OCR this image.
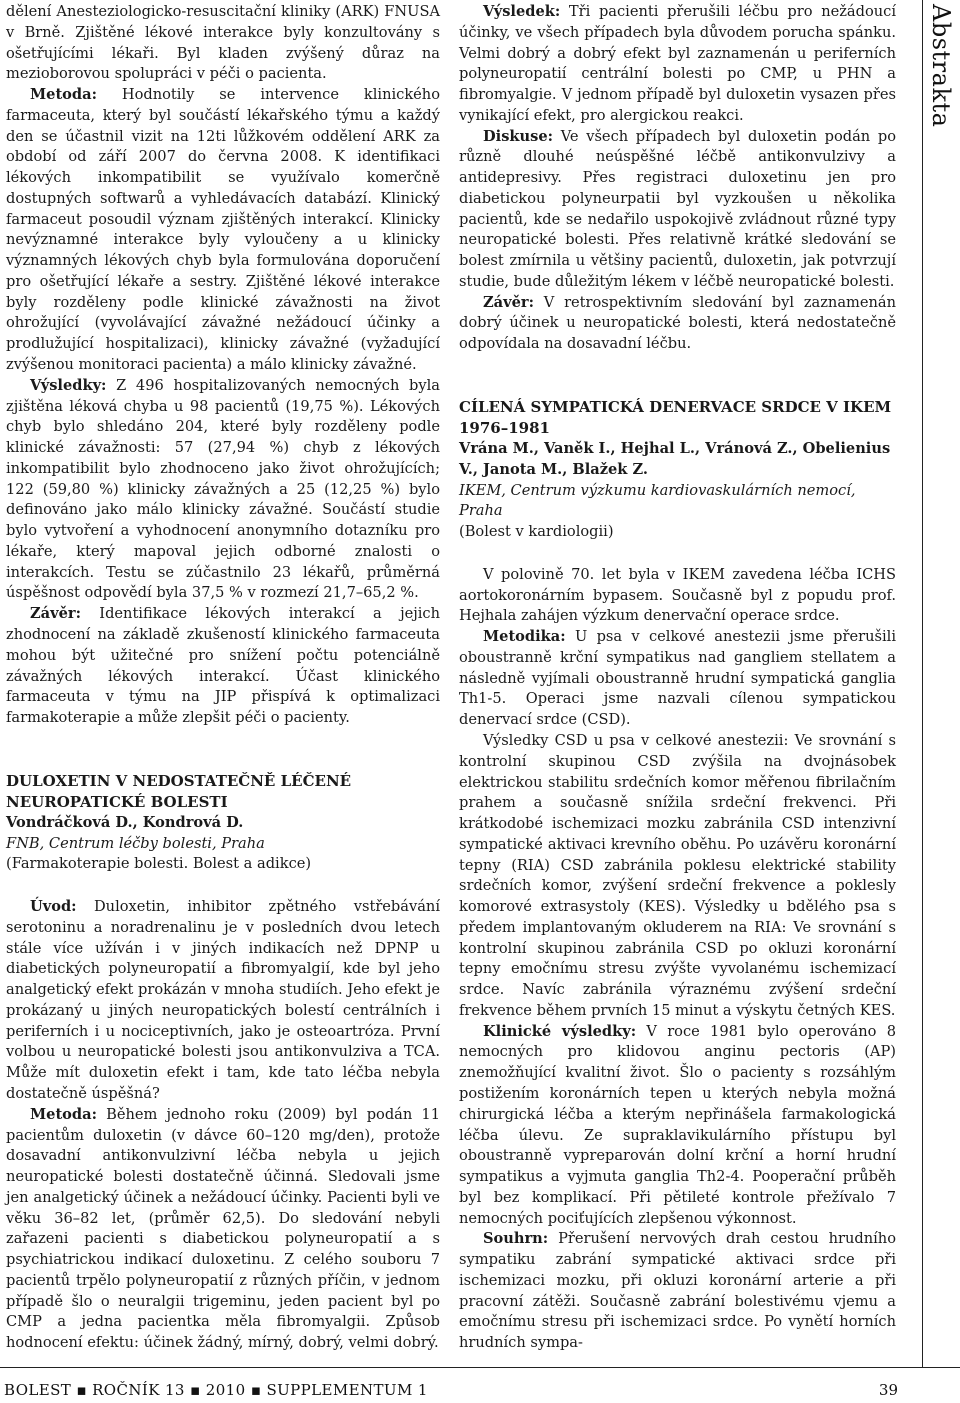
dělení Anesteziologicko-resuscitační kliniky (ARK) FNUSA v Brně. Zjištěné lékové interakce byly konzultovány s ošetřujícími lékaři. Byl kladen zvýšený důraz na mezioborovou spolupráci v péči o pacienta.

Metoda: Hodnotily se intervence klinického farmaceuta, který byl součástí lékařského týmu a každý den se účastnil vizit na 12ti lůžkovém oddělení ARK za období od září 2007 do června 2008. K identifikaci lékových inkompatibilit se využívalo komerčně dostupných softwarů a vyhledávacích databází. Klinický farmaceut posoudil význam zjištěných interakcí. Klinicky nevýznamné interakce byly vyloučeny a u klinicky významných lékových chyb byla formulována doporučení pro ošetřující lékaře a sestry. Zjištěné lékové interakce byly rozděleny podle klinické závažnosti na život ohrožující (vyvolávající závažné nežádoucí účinky a prodlužující hospitalizaci), klinicky závažné (vyžadující zvýšenou monitoraci pacienta) a málo klinicky závažné.

Výsledky: Z 496 hospitalizovaných nemocných byla zjištěna léková chyba u 98 pacientů (19,75 %). Lékových chyb bylo shledáno 204, které byly rozděleny podle klinické závažnosti: 57 (27,94 %) chyb z lékových inkompatibilit bylo zhodnoceno jako život ohrožujících; 122 (59,80 %) klinicky závažných a 25 (12,25 %) bylo definováno jako málo klinicky závažné. Součástí studie bylo vytvoření a vyhodnocení anonymního dotazníku pro lékaře, který mapoval jejich odborné znalosti o interakcích. Testu se zúčastnilo 23 lékařů, průměrná úspěšnost odpovědí byla 37,5 % v rozmezí 21,7–65,2 %.

Závěr: Identifikace lékových interakcí a jejich zhodnocení na základě zkušeností klinického farmaceuta mohou být užitečné pro snížení počtu potenciálně závažných lékových interakcí. Účast klinického farmaceuta v týmu na JIP přispívá k optimalizaci farmakoterapie a může zlepšit péči o pacienty.

DULOXETIN V NEDOSTATEČNĚ LÉČENÉ NEUROPATICKÉ BOLESTI

Vondráčková D., Kondrová D.

FNB, Centrum léčby bolesti, Praha

(Farmakoterapie bolesti. Bolest a adikce)

Úvod: Duloxetin, inhibitor zpětného vstřebávání serotoninu a noradrenalinu je v posledních dvou letech stále více užíván i v jiných indikacích než DPNP u diabetických polyneuropatií a fibromyalgií, kde byl jeho analgetický efekt prokázán v mnoha studiích. Jeho efekt je prokázaný u jiných neuropatických bolestí centrálních i periferních i u nociceptivních, jako je osteoartróza. První volbou u neuropatické bolesti jsou antikonvulziva a TCA. Může mít duloxetin efekt i tam, kde tato léčba nebyla dostatečně úspěšná?

Metoda: Během jednoho roku (2009) byl podán 11 pacientům duloxetin (v dávce 60–120 mg/den), protože dosavadní antikonvulzivní léčba nebyla u jejich neuropatické bolesti dostatečně účinná. Sledovali jsme jen analgetický účinek a nežádoucí účinky. Pacienti byli ve věku 36–82 let, (průměr 62,5). Do sledování nebyli zařazeni pacienti s diabetickou polyneuropatií a s psychiatrickou indikací duloxetinu. Z celého souboru 7 pacientů trpělo polyneuropatií z různých příčin, v jednom případě šlo o neuralgii trigeminu, jeden pacient byl po CMP a jedna pacientka měla fibromyalgii. Způsob hodnocení efektu: účinek žádný, mírný, dobrý, velmi dobrý.

Výsledek: Tři pacienti přerušili léčbu pro nežádoucí účinky, ve všech případech byla důvodem porucha spánku. Velmi dobrý a dobrý efekt byl zaznamenán u periferních polyneuropatií centrální bolesti po CMP, u PHN a fibromyalgie. V jednom případě byl duloxetin vysazen přes vynikající efekt, pro alergickou reakci.

Diskuse: Ve všech případech byl duloxetin podán po různě dlouhé neúspěšné léčbě antikonvulzivy a antidepresivy. Přes registraci duloxetinu jen pro diabetickou polyneurpatii byl vyzkoušen u několika pacientů, kde se nedařilo uspokojivě zvládnout různé typy neuropatické bolesti. Přes relativně krátké sledování se bolest zmírnila u většiny pacientů, duloxetin, jak potvrzují studie, bude důležitým lékem v léčbě neuropatické bolesti.

Závěr: V retrospektivním sledování byl zaznamenán dobrý účinek u neuropatické bolesti, která nedostatečně odpovídala na dosavadní léčbu.

CÍLENÁ SYMPATICKÁ DENERVACE SRDCE V IKEM 1976–1981

Vrána M., Vaněk I., Hejhal L., Vránová Z., Obelienius V., Janota M., Blažek Z.

IKEM, Centrum výzkumu kardiovaskulárních nemocí, Praha

(Bolest v kardiologii)

V polovině 70. let byla v IKEM zavedena léčba ICHS aortokoronárním bypasem. Současně byl z popudu prof. Hejhala zahájen výzkum denervační operace srdce.

Metodika: U psa v celkové anestezii jsme přerušili oboustranně krční sympatikus nad gangliem stellatem a následně vyjímali oboustranně hrudní sympatická ganglia Th1-5. Operaci jsme nazvali cílenou sympatickou denervací srdce (CSD).

Výsledky CSD u psa v celkové anestezii: Ve srovnání s kontrolní skupinou CSD zvýšila na dvojnásobek elektrickou stabilitu srdečních komor měřenou fibrilačním prahem a současně snížila srdeční frekvenci. Při krátkodobé ischemizaci mozku zabránila CSD intenzivní sympatické aktivaci krevního oběhu. Po uzávěru koronární tepny (RIA) CSD zabránila poklesu elektrické stability srdečních komor, zvýšení srdeční frekvence a poklesly komorové extrasystoly (KES). Výsledky u bdělého psa s předem implantovaným okluderem na RIA: Ve srovnání s kontrolní skupinou zabránila CSD po okluzi koronární tepny emočnímu stresu zvýšte vyvolanému ischemizací srdce. Navíc zabránila výraznému zvýšení srdeční frekvence během prvních 15 minut a výskytu četných KES.

Klinické výsledky: V roce 1981 bylo operováno 8 nemocných pro klidovou anginu pectoris (AP) znemožňující kvalitní život. Šlo o pacienty s rozsáhlým postižením koronárních tepen u kterých nebyla možná chirurgická léčba a kterým nepřinášela farmakologická léčba úlevu. Ze supraklavikulárního přístupu byl oboustranně vypreparován dolní krční a horní hrudní sympatikus a vyjmuta ganglia Th2-4. Pooperační průběh byl bez komplikací. Při pětileté kontrole přežívalo 7 nemocných pociťujících zlepšenou výkonnost.

Souhrn: Přerušení nervových drah cestou hrudního sympatiku zabrání sympatické aktivaci srdce při ischemizaci mozku, při okluzi koronární arterie a při pracovní zátěži. Současně zabrání bolestivému vjemu a emočnímu stresu při ischemizaci srdce. Po vynětí horních hrudních sympa-

Abstrakta
BOLEST ▪ ROČNÍK 13 ▪ 2010 ▪ SUPPLEMENTUM 1	39
